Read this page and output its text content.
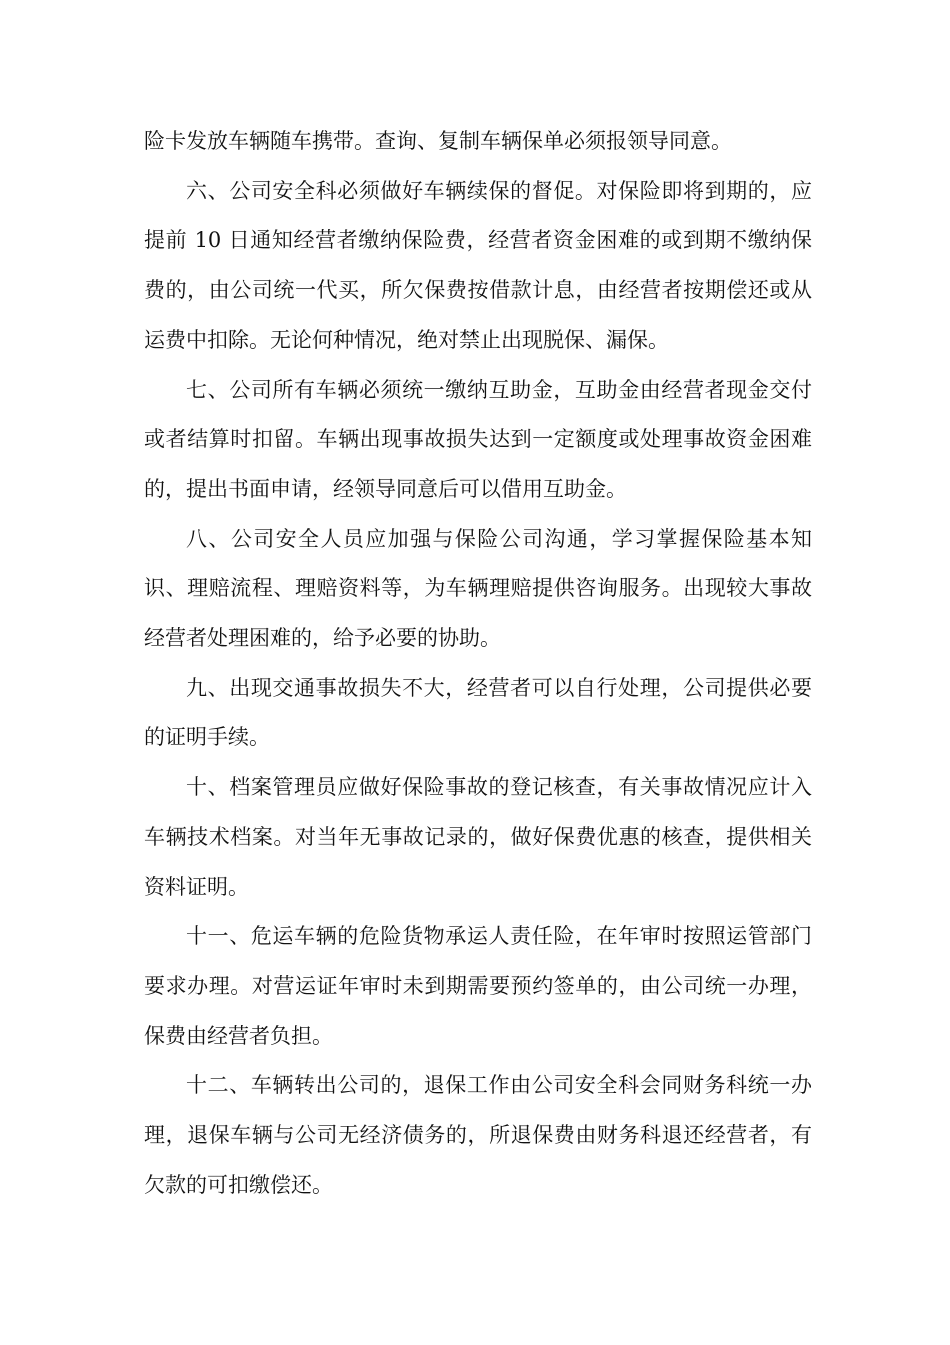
险卡发放车辆随车携带。查询、复制车辆保单必须报领导同意。

六、公司安全科必须做好车辆续保的督促。对保险即将到期的，应提前 10 日通知经营者缴纳保险费，经营者资金困难的或到期不缴纳保费的，由公司统一代买，所欠保费按借款计息，由经营者按期偿还或从运费中扣除。无论何种情况，绝对禁止出现脱保、漏保。

七、公司所有车辆必须统一缴纳互助金，互助金由经营者现金交付或者结算时扣留。车辆出现事故损失达到一定额度或处理事故资金困难的，提出书面申请，经领导同意后可以借用互助金。

八、公司安全人员应加强与保险公司沟通，学习掌握保险基本知识、理赔流程、理赔资料等，为车辆理赔提供咨询服务。出现较大事故经营者处理困难的，给予必要的协助。

九、出现交通事故损失不大，经营者可以自行处理，公司提供必要的证明手续。

十、档案管理员应做好保险事故的登记核查，有关事故情况应计入车辆技术档案。对当年无事故记录的，做好保费优惠的核查，提供相关资料证明。

十一、危运车辆的危险货物承运人责任险，在年审时按照运管部门要求办理。对营运证年审时未到期需要预约签单的，由公司统一办理，保费由经营者负担。

十二、车辆转出公司的，退保工作由公司安全科会同财务科统一办理，退保车辆与公司无经济债务的，所退保费由财务科退还经营者，有欠款的可扣缴偿还。
